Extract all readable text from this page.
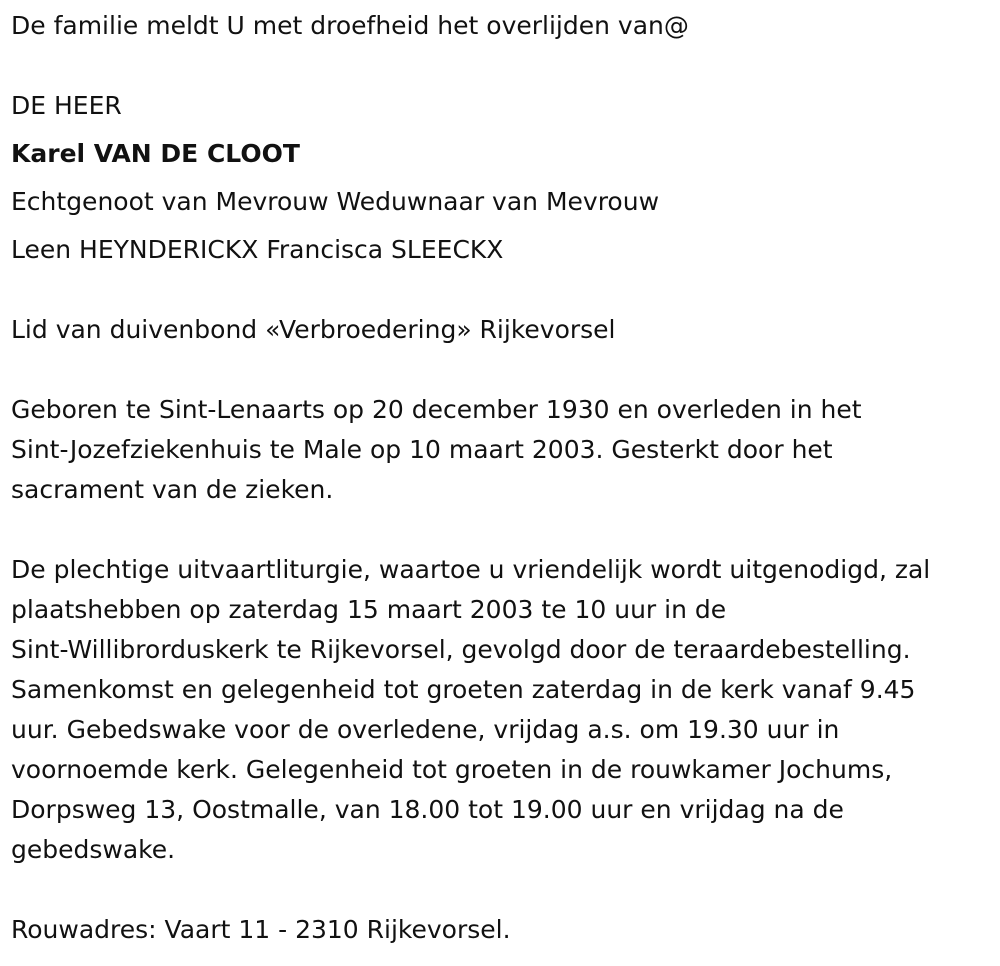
De familie meldt U met droefheid het overlijden van@

DE HEER

Karel VAN DE CLOOT

Echtgenoot van Mevrouw Weduwnaar van Mevrouw

Leen HEYNDERICKX Francisca SLEECKX

Lid van duivenbond «Verbroedering» Rijkevorsel

Geboren te Sint-Lenaarts op 20 december 1930 en overleden in het
Sint-Jozefziekenhuis te Male op 10 maart 2003. Gesterkt door het
sacrament van de zieken.
De plechtige uitvaartliturgie, waartoe u vriendelijk wordt uitgenodigd, zal
plaatshebben op zaterdag 15 maart 2003 te 10 uur in de
Sint-Willibrorduskerk te Rijkevorsel, gevolgd door de teraardebestelling.
Samenkomst en gelegenheid tot groeten zaterdag in de kerk vanaf 9.45
uur. Gebedswake voor de overledene, vrijdag a.s. om 19.30 uur in
voornoemde kerk. Gelegenheid tot groeten in de rouwkamer Jochums,
Dorpsweg 13, Oostmalle, van 18.00 tot 19.00 uur en vrijdag na de
gebedswake.

Rouwadres: Vaart 11 - 2310 Rijkevorsel.
